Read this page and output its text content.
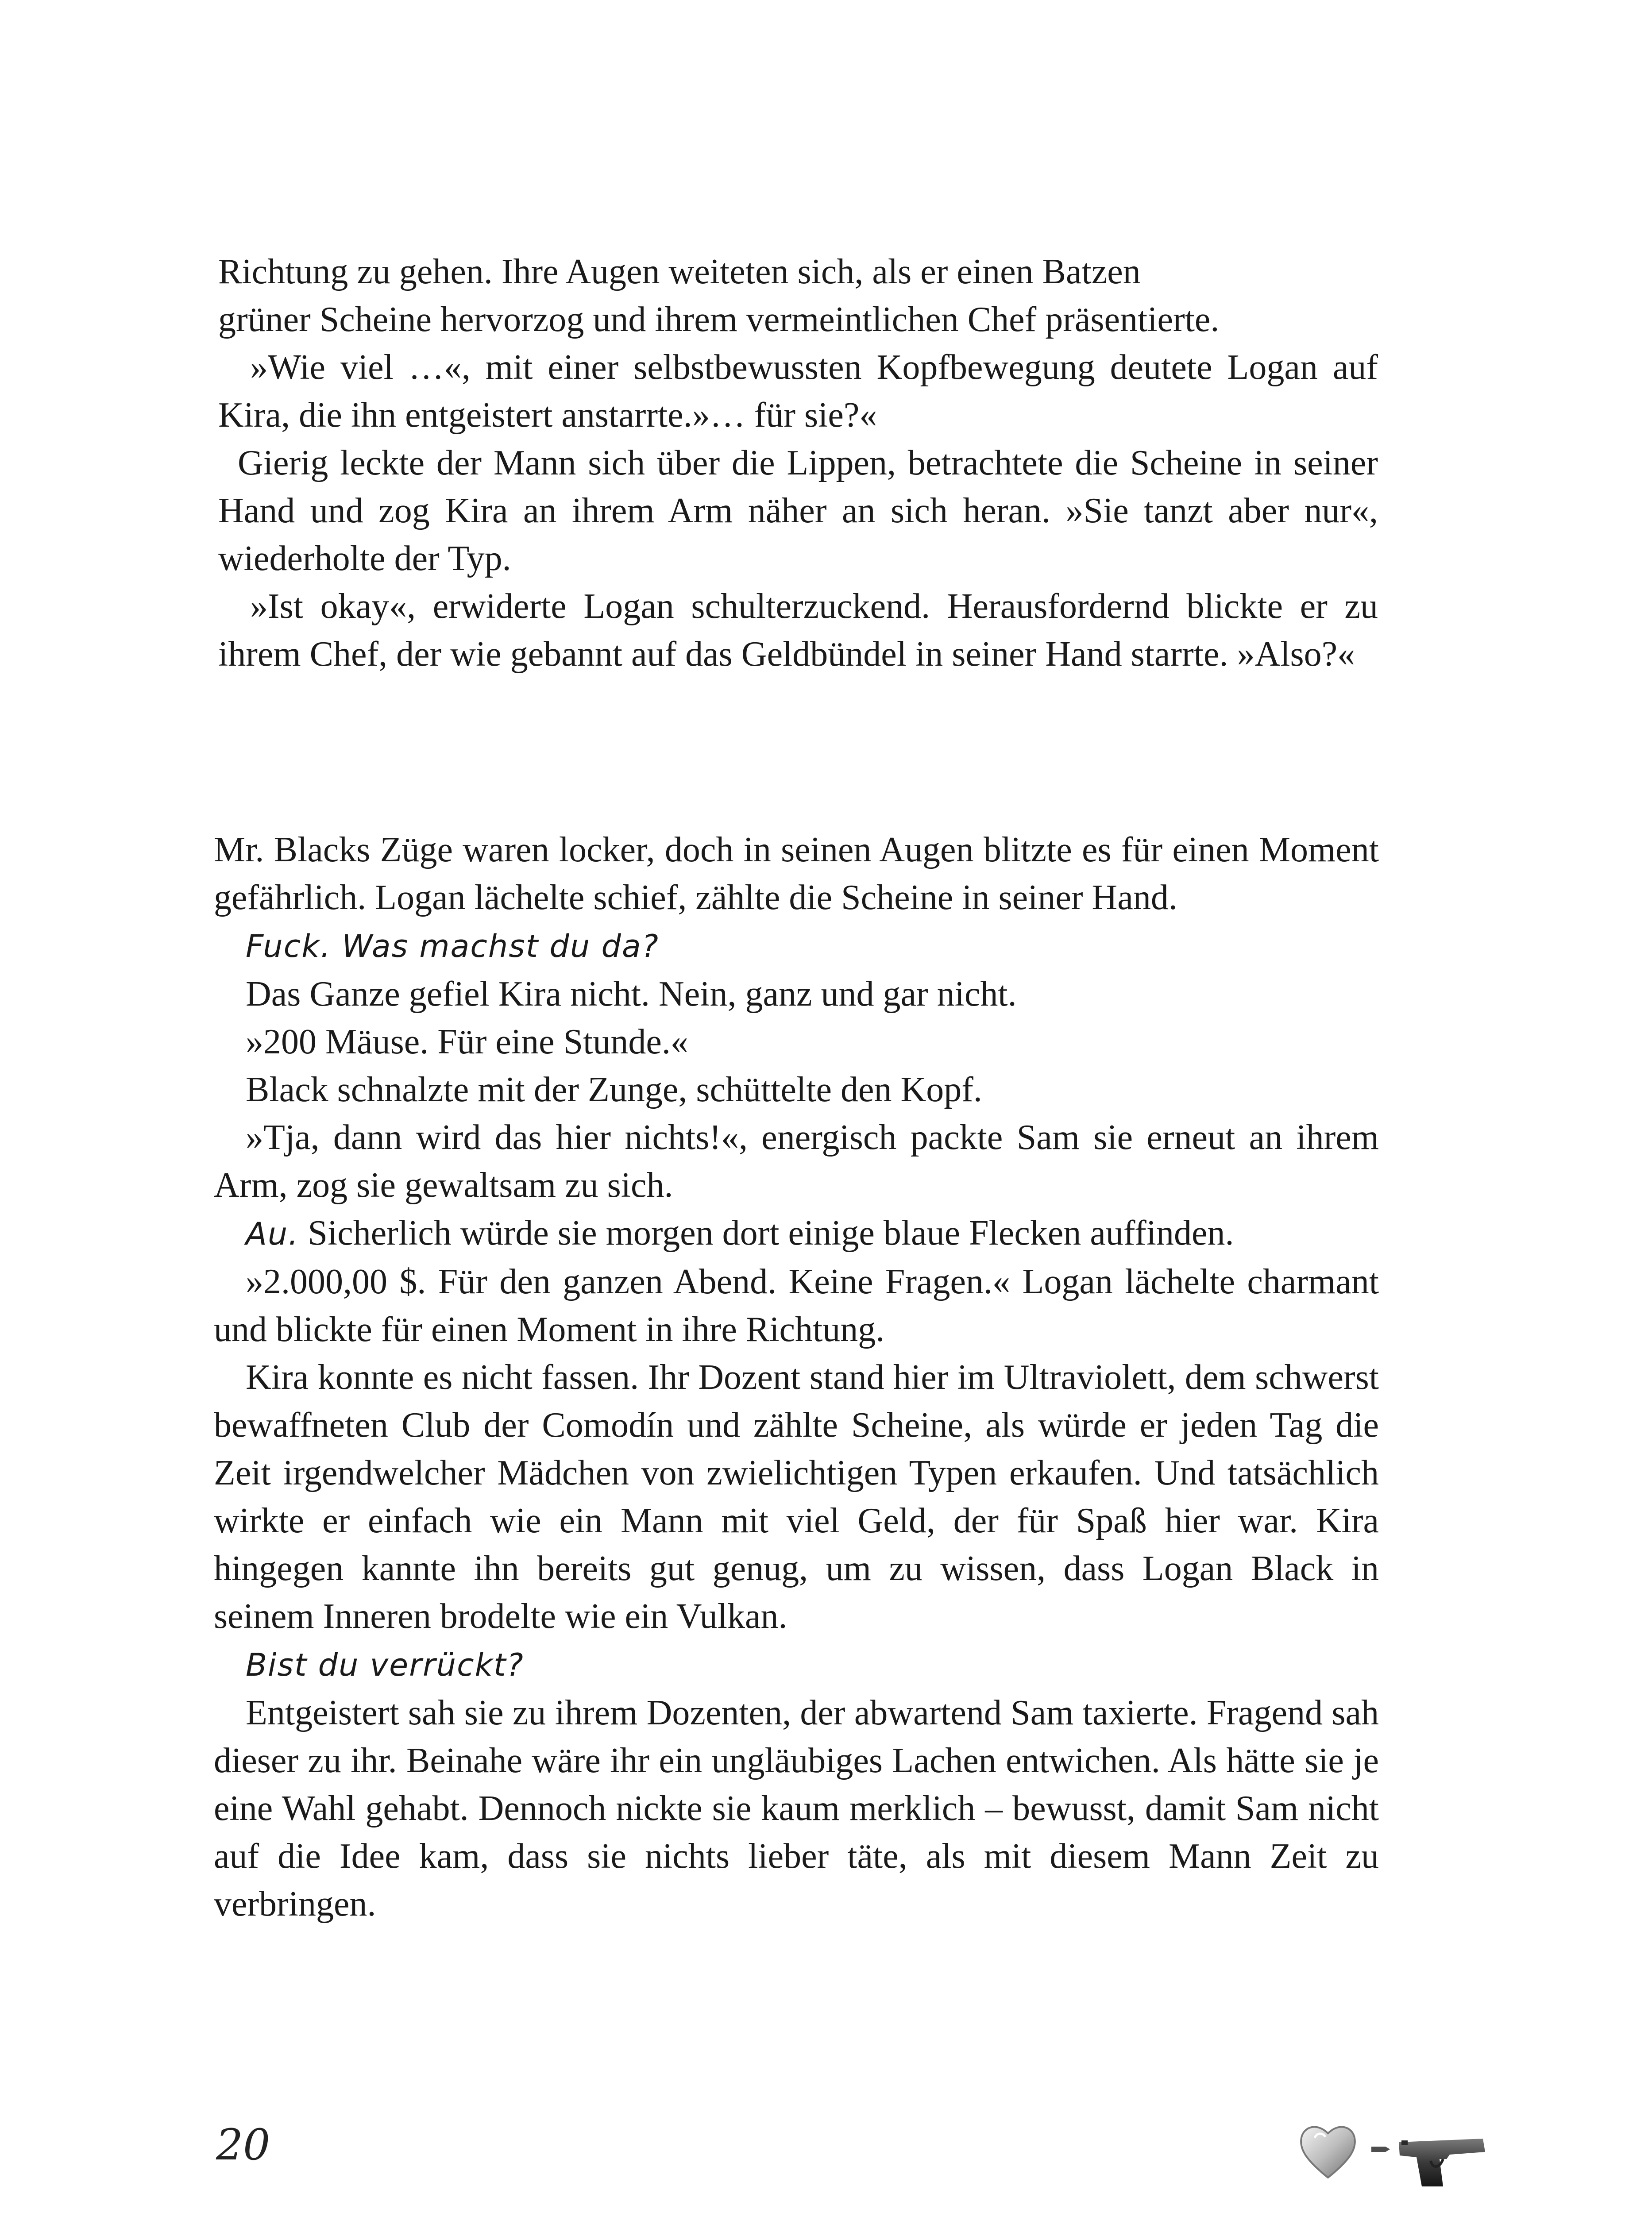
Richtung zu gehen. Ihre Augen weiteten sich, als er einen Batzen

grüner Scheine hervorzog und ihrem vermeintlichen Chef präsentierte.

»Wie viel …«, mit einer selbstbewussten Kopfbewegung deutete Logan auf Kira, die ihn entgeistert anstarrte.»… für sie?«

Gierig leckte der Mann sich über die Lippen, betrachtete die Scheine in seiner Hand und zog Kira an ihrem Arm näher an sich heran. »Sie tanzt aber nur«, wiederholte der Typ.

»Ist okay«, erwiderte Logan schulterzuckend. Herausfordernd blickte er zu ihrem Chef, der wie gebannt auf das Geldbündel in seiner Hand starrte. »Also?«

Mr. Blacks Züge waren locker, doch in seinen Augen blitzte es für einen Moment gefährlich. Logan lächelte schief, zählte die Scheine in seiner Hand.

Fuck. Was machst du da?

Das Ganze gefiel Kira nicht. Nein, ganz und gar nicht.

»200 Mäuse. Für eine Stunde.«

Black schnalzte mit der Zunge, schüttelte den Kopf.

»Tja, dann wird das hier nichts!«, energisch packte Sam sie erneut an ihrem Arm, zog sie gewaltsam zu sich.

Au. Sicherlich würde sie morgen dort einige blaue Flecken auffinden.

»2.000,00 $. Für den ganzen Abend. Keine Fragen.« Logan lächelte charmant und blickte für einen Moment in ihre Richtung.

Kira konnte es nicht fassen. Ihr Dozent stand hier im Ultraviolett, dem schwerst bewaffneten Club der Comodín und zählte Scheine, als würde er jeden Tag die Zeit irgendwelcher Mädchen von zwielichtigen Typen erkaufen. Und tatsächlich wirkte er einfach wie ein Mann mit viel Geld, der für Spaß hier war. Kira hingegen kannte ihn bereits gut genug, um zu wissen, dass Logan Black in seinem Inneren brodelte wie ein Vulkan.

Bist du verrückt?

Entgeistert sah sie zu ihrem Dozenten, der abwartend Sam taxierte. Fragend sah dieser zu ihr. Beinahe wäre ihr ein ungläubiges Lachen entwichen. Als hätte sie je eine Wahl gehabt. Dennoch nickte sie kaum merklich – bewusst, damit Sam nicht auf die Idee kam, dass sie nichts lieber täte, als mit diesem Mann Zeit zu verbringen.

20
